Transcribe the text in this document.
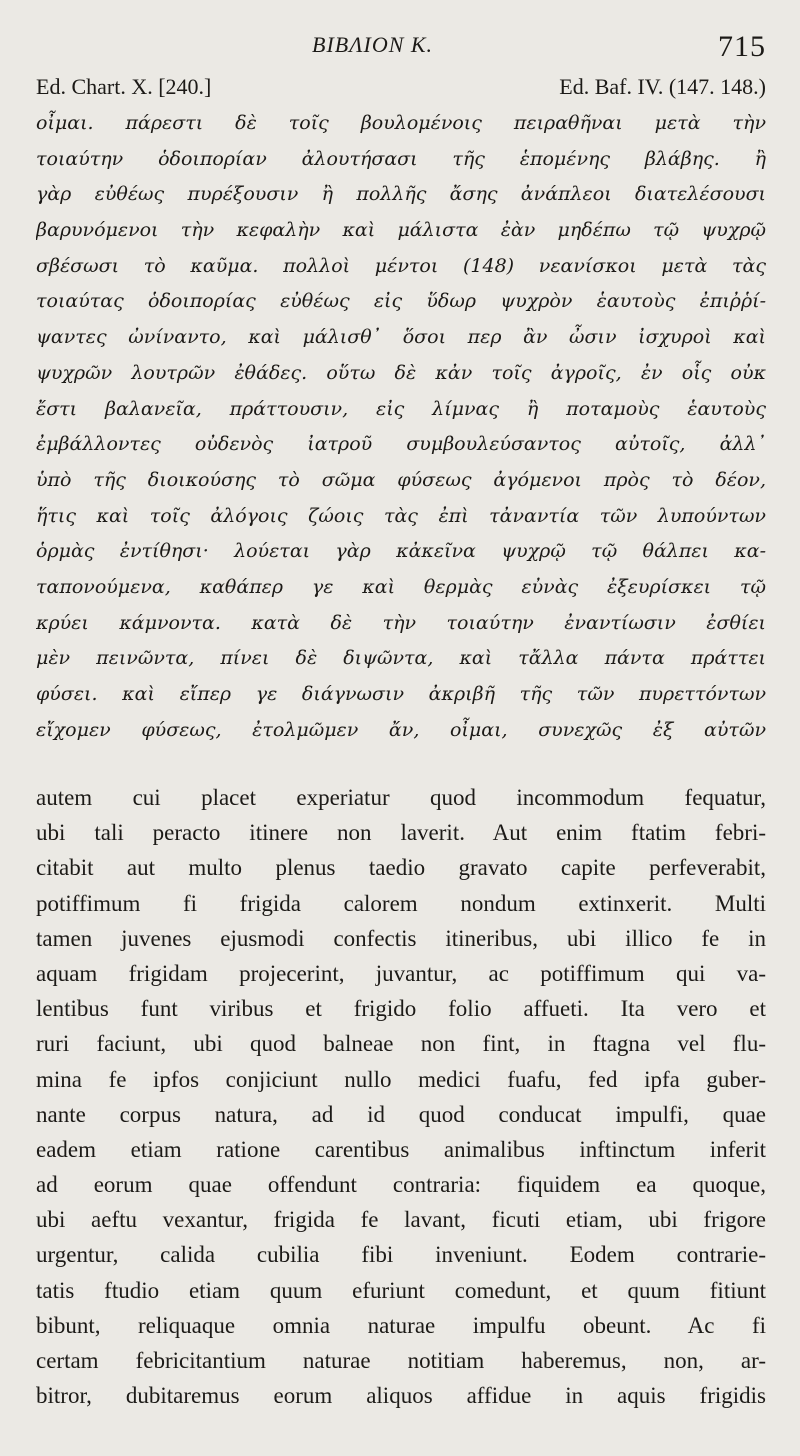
BIBΛION K.	715
Ed. Chart. X. [240.]	Ed. Baf. IV. (147. 148.)
οἶμαι. πάρεστι δὲ τοῖς βουλομένοις πειραθῆναι μετὰ τὴν
τοιαύτην ὁδοιπορίαν ἀλουτήσασι τῆς ἑπομένης βλάβης. ἢ
γὰρ εὐθέως πυρέξουσιν ἢ πολλῆς ἄσης ἀνάπλεοι διατελέσουσι
βαρυνόμενοι τὴν κεφαλὴν καὶ μάλιστα ἐὰν μηδέπω τῷ ψυχρῷ
σβέσωσι τὸ καῦμα. πολλοὶ μέντοι (148) νεανίσκοι μετὰ τὰς
τοιαύτας ὁδοιπορίας εὐθέως εἰς ὕδωρ ψυχρὸν ἑαυτοὺς ἐπιῤῥί-
ψαντες ὠνίναντο, καὶ μάλισθ᾽ ὅσοι περ ἂν ὦσιν ἰσχυροὶ καὶ
ψυχρῶν λουτρῶν ἐθάδες. οὕτω δὲ κἀν τοῖς ἀγροῖς, ἐν οἷς οὐκ
ἔστι βαλανεῖα, πράττουσιν, εἰς λίμνας ἢ ποταμοὺς ἑαυτοὺς
ἐμβάλλοντες οὐδενὸς ἰατροῦ συμβουλεύσαντος αὐτοῖς, ἀλλ᾽
ὑπὸ τῆς διοικούσης τὸ σῶμα φύσεως ἀγόμενοι πρὸς τὸ δέον,
ἥτις καὶ τοῖς ἀλόγοις ζώοις τὰς ἐπὶ τἀναντία τῶν λυπούντων
ὁρμὰς ἐντίθησι· λούεται γὰρ κἀκεῖνα ψυχρῷ τῷ θάλπει κα-
ταπονούμενα, καθάπερ γε καὶ θερμὰς εὐνὰς ἐξευρίσκει τῷ
κρύει κάμνοντα. κατὰ δὲ τὴν τοιαύτην ἐναντίωσιν ἐσθίει
μὲν πεινῶντα, πίνει δὲ διψῶντα, καὶ τἄλλα πάντα πράττει
φύσει. καὶ εἴπερ γε διάγνωσιν ἀκριβῆ τῆς τῶν πυρεττόντων
εἴχομεν φύσεως, ἐτολμῶμεν ἄν, οἶμαι, συνεχῶς ἐξ αὐτῶν
autem cui placet experiatur quod incommodum fequatur,
ubi tali peracto itinere non laverit. Aut enim ftatim febri-
citabit aut multo plenus taedio gravato capite perfeverabit,
potiffimum fi frigida calorem nondum extinxerit. Multi
tamen juvenes ejusmodi confectis itineribus, ubi illico fe in
aquam frigidam projecerint, juvantur, ac potiffimum qui va-
lentibus funt viribus et frigido folio affueti. Ita vero et
ruri faciunt, ubi quod balneae non fint, in ftagna vel flu-
mina fe ipfos conjiciunt nullo medici fuafu, fed ipfa guber-
nante corpus natura, ad id quod conducat impulfi, quae
eadem etiam ratione carentibus animalibus inftinctum inferit
ad eorum quae offendunt contraria: fiquidem ea quoque,
ubi aeftu vexantur, frigida fe lavant, ficuti etiam, ubi frigore
urgentur, calida cubilia fibi inveniunt. Eodem contrarie-
tatis ftudio etiam quum efuriunt comedunt, et quum fitiunt
bibunt, reliquaque omnia naturae impulfu obeunt. Ac fi
certam febricitantium naturae notitiam haberemus, non, ar-
bitror, dubitaremus eorum aliquos affidue in aquis frigidis
